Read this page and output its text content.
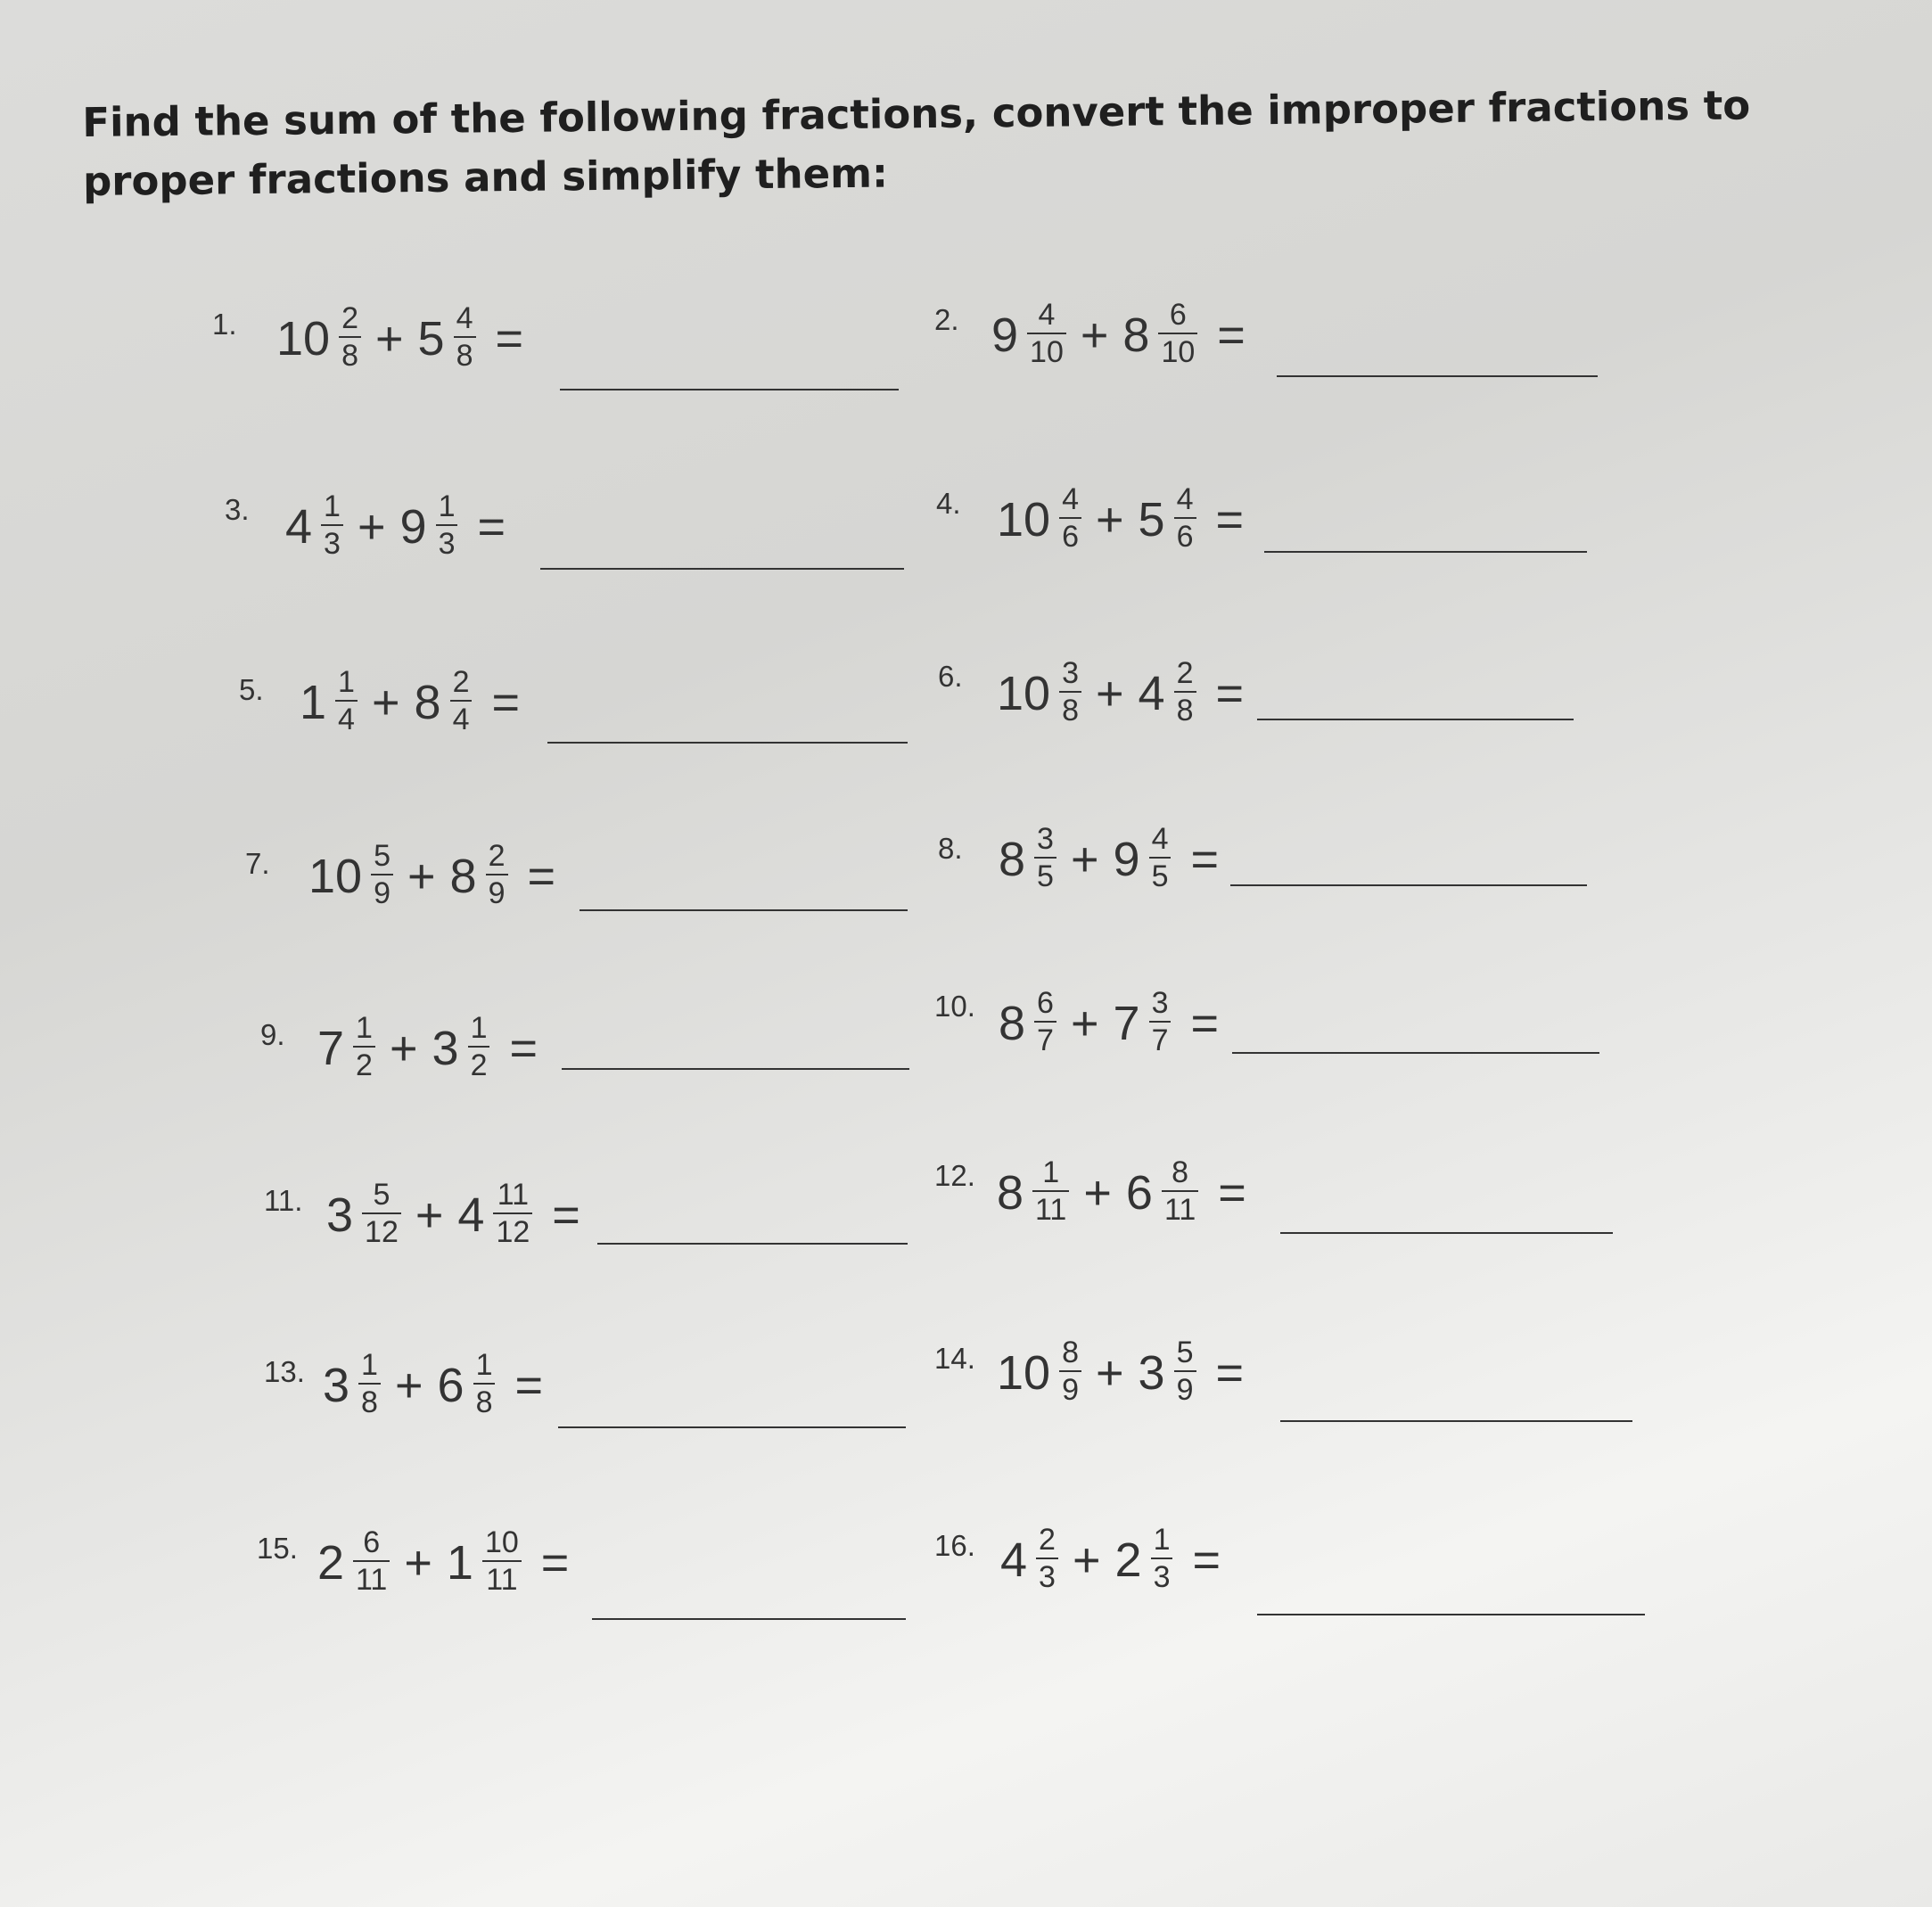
Find the sum of the following fractions, convert the improper fractions to proper fractions and simplify them:
1. $10 \frac{2}{8} + 5 \frac{4}{8}$ =	2. $9 \frac{4}{10} + 8 \frac{6}{10}$ =
3. $4 \frac{1}{3} + 9 \frac{1}{3}$ =	4. $10 \frac{4}{6} + 5 \frac{4}{6}$ =
5. $1 \frac{1}{4} + 8 \frac{2}{4}$ =	6. $10 \frac{3}{8} + 4 \frac{2}{8}$ =
7. $10 \frac{5}{9} + 8 \frac{2}{9}$ =
8. $8 \frac{3}{5} + 9 \frac{4}{5}$ =
9. $7 \frac{1}{2} + 3 \frac{1}{2}$ =
10. $8 \frac{6}{7} + 7 \frac{3}{7}$ =
11. $3 \frac{5}{12} + 4 \frac{11}{12}$ =
12. $8 \frac{1}{11} + 6 \frac{8}{11}$ =
13. $3 \frac{1}{8} + 6 \frac{1}{8}$ =
14. $10 \frac{8}{9} + 3 \frac{5}{9}$ =
15. $2 \frac{6}{11} + 1 \frac{10}{11}$ =	16. $4 \frac{2}{3} + 2 \frac{1}{3}$ =
